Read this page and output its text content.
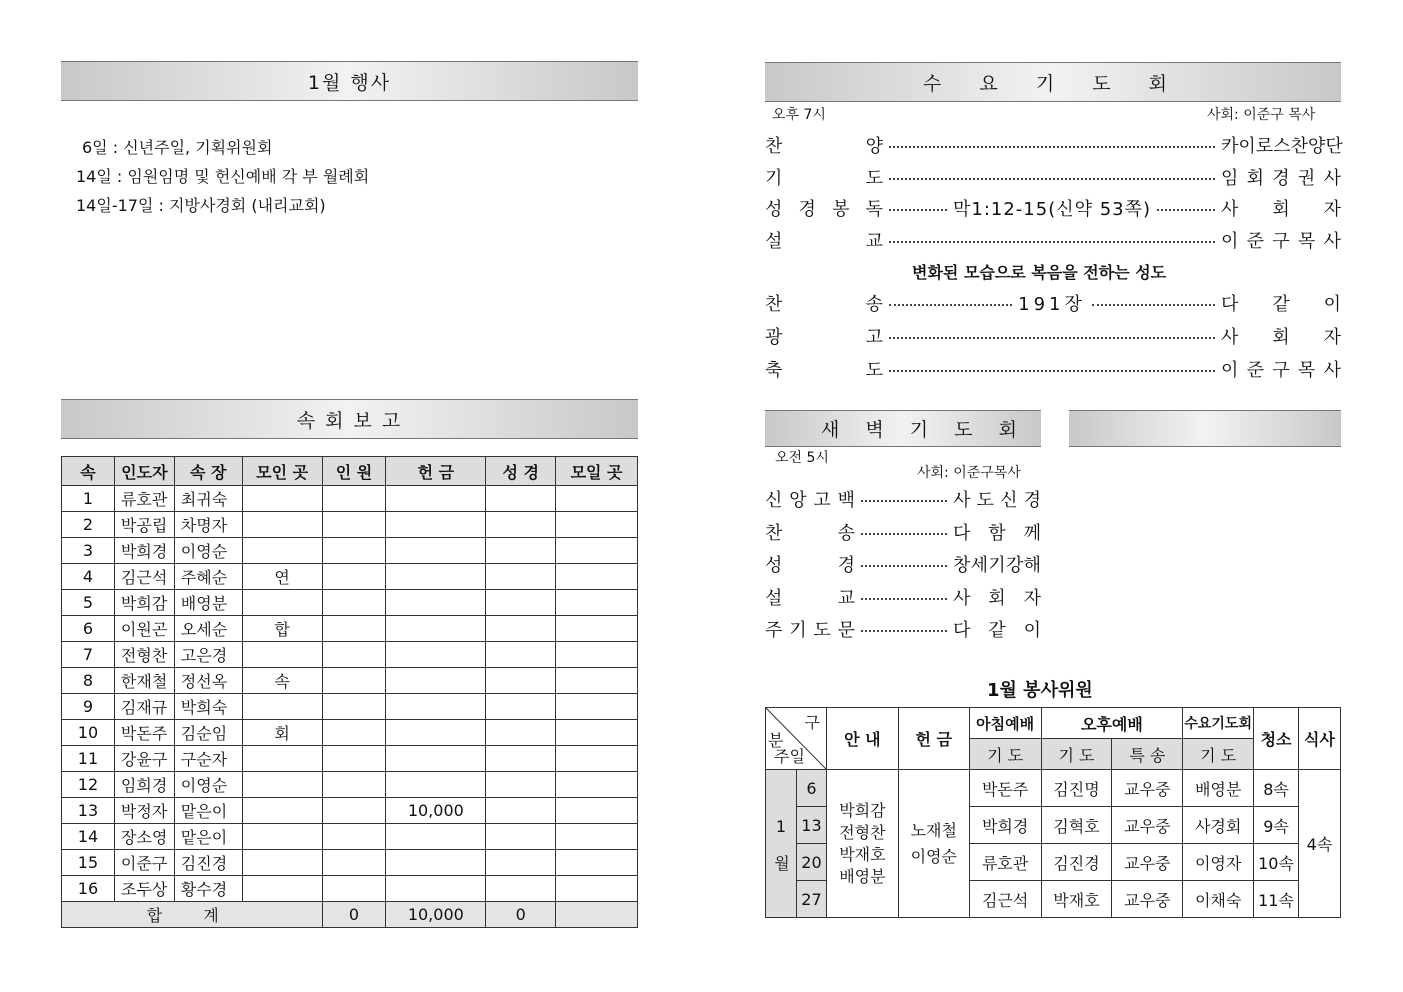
1월 행사
6일 : 신년주일, 기획위원회
14일 : 임원임명 및 헌신예배 각 부 월례회
14일-17일 : 지방사경회 (내리교회)
속 회 보 고
속	인도자	속 장	모인 곳	인 원	헌 금	성 경	모일 곳
1	류호관	최귀숙					
2	박공립	차명자					
3	박희경	이영순					
4	김근석	주혜순	연				
5	박희감	배영분					
6	이원곤	오세순	합				
7	전형찬	고은경					
8	한재철	정선옥	속				
9	김재규	박희숙					
10	박돈주	김순임	회				
11	강윤구	구순자					
12	임희경	이영순					
13	박정자	맡은이			10,000		
14	장소영	맡은이					
15	이준구	김진경					
16	조두상	황수경					
합 계				0	10,000	0	
수 요 기 도 회
오후 7시	사회: 이준구 목사
찬	양	카 이 로 스 찬 양 단
기	도	임 회 경 권 사
성 경 봉 독	막1:12-15(신약 53쪽)	사 회 자
설	교	이 준 구 목 사
변화된 모습으로 복음을 전하는 성도
찬	송	191장	다 같 이
광	고	사 회 자
축	도	이 준 구 목 사
새 벽 기 도 회
오전 5시
사회: 이준구목사
신 앙 고 백	사 도 신 경
찬	송	다 함 께
성	경	창 세 기 강 해
설	교	사 회 자
주 기 도 문	다 같 이
1월 봉사위원
구
분
주일		안 내	헌 금	아침예배	오후예배		수요기도회	청소	식사
				기 도	기 도	특 송	기 도		
1 월	6	박희감 전형찬 박재호 배영분	노재철 이영순	박돈주	김진명	교우중	배영분	8속	4속
	13			박희경	김혁호	교우중	사경회	9속	
	20			류호관	김진경	교우중	이영자	10속	
	27			김근석	박재호	교우중	이채숙	11속	
